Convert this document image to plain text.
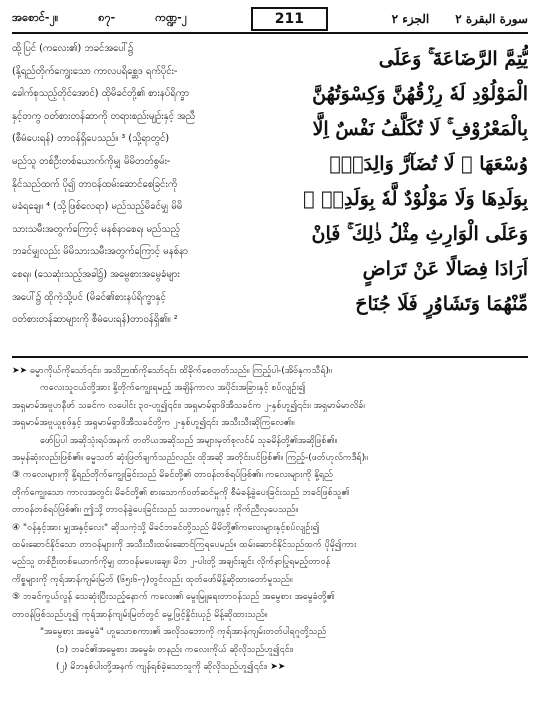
အစောင်-၂။	၈၇-	ကဏ္ဍ-၂	211	سورة البقرة ٢
الجزء ٢
ထို့ပြင် (ကလေး၏) ဘခင်အပေါ်၌
(နို့ရည်တိုက်ကျွေးသော ကာလပရိစ္ဆေဒ ရက်ပိုင်း-
ခေါက်စုသည့်တိုင်အောင်) ထိုမိခင်တို့၏ စားနပ်ရိက္ခာ
နှင့်တကွ ဝတ်စားတန်ဆာကို တရားစည်းမျဉ်းနှင့် အညီ
(စီမံပေးရန်) တာဝန်ရှိပေသည်။ ³ (သို့ရာတွင်)
မည်သူ တစ်ဦးတစ်ယောက်ကိုမျှ မိမိတတ်စွမ်း-
နိုင်သည်ထက် ပို၍ တာဝန်ထမ်းဆောင်စေခြင်းကို
မခံရချေ။ ⁴ (သို့ဖြစ်လေရာ) မည်သည့်မိခင်မျှ မိမိ
သားသမီးအတွက်ကြောင့် မနစ်နာစေရ၊ မည်သည့်
ဘခင်မျှလည်း မိမိသားသမီးအတွက်ကြောင့် မနစ်နာ
စေရ။ (သေဆုံးသည့်အခါ၌) အမွေစားအမွေခံများ
အပေါ်၌ ထိုကဲ့သို့ပင် (မိခင်၏စားနပ်ရိက္ခာနှင့်
ဝတ်စားတန်ဆာများကို စီမံပေးရန်)တာဝန်ရှိ၏။ ²
يُّتِمَّ الرَّضَاعَةَ ۚ وَعَلَى
الْمَوْلُوْدِ لَهٗ رِزْقُهُنَّ وَكِسْوَتُهُنَّ
بِالْمَعْرُوْفِ ۚ لَا تُكَلَّفُ نَفْسٌ اِلَّا
وُسْعَهَا ۚ لَا تُضَآرَّ وَالِدَةٌۢ
بِوَلَدِهَا وَلَا مَوْلُوْدٌ لَّهٗ بِوَلَدِهٖ ۚ
وَعَلَى الْوَارِثِ مِثْلُ ذٰلِكَ ۚ فَاِنْ
اَرَادَا فِصَالًا عَنْ تَرَاضٍ
مِّنْهُمَا وَتَشَاوُرٍ فَلَا جُنَاحَ

➤➤ ဓမ္မာကိုယ်ကိုသော်၎င်း၊ အသိဉာဏ်ကိုသော်၎င်း ထိခိုက်စေတတ်သည်။ ကြည့်ပါ-(အိဗ်နုကသီရ်)။

ကလေးသူငယ်တို့အား နို့တိုက်ကျွေးရမည့် အချိန်ကာလ အပိုင်းအခြားနှင့် စပ်လျဉ်း၍

အရှမာမ်အဗူဟနီဖာ် သခင်က လပေါင်း ၃၀-ဟူ၍၎င်း၊ အရှမာမ်ရှာဖိအီသခင်က ၂-နှစ်ဟူ၍၎င်း၊ အရှမာမ်မာလိခ်၊

အရှမာမ်အဗူယူစုဖ်နှင့် အရှမာမ်ရှာဖိအီသခင်တို့က ၂-နှစ်ဟူ၍၎င်း အသီးသီးဆိုကြလေ၏။

ဖော်ပြပါ အဆိုသုံးရပ်အနက် တတိယအဆိုသည် အများမှတ်စုလင်မ် သုခမိန်တို့၏အဆိုဖြစ်၏။

အမှန်ဆုံးလည်းဖြစ်၏။ ဓမ္မသတ် ဆုံးဖြတ်ချက်သည်လည်း ထိုအဆို အတိုင်းပင်ဖြစ်၏။ ကြည့်-(ဖတ်ဟုလ်ကဒီရ်)။

③ ကလေးများကို နို့ရည်တိုက်ကျွေးခြင်းသည် မိခင်တို့၏ တာဝန်တစ်ရပ်ဖြစ်၏။ ကလေးများကို နို့ရည်

တိုက်ကျွေးသော ကာလအတွင်း မိခင်တို့၏ စားသောက်ဝတ်ဆင်မှုကို စီမံခန့်ခွဲပေးခြင်းသည် ဘခင်ဖြစ်သူ၏

တာဝန်တစ်ရပ်ဖြစ်၏။ ဤသို့ တာဝန်ခွဲပေးခြင်းသည် သဘာဝမကျနှင့် ကိုက်ညီလှပေသည်။

④ "ဝန်နှင့်အား မျှအနှင့်လေး" ဆိုသကဲ့သို့ မိခင်ဘခင်တို့သည် မိမိတို့၏ကလေးများနှင့်စပ်လျဉ်း၍

ထမ်းဆောင်နိုင်သော တာဝန်များကို အသီးသီးထမ်းဆောင်ကြရပေမည်။ ထမ်းဆောင်နိုင်သည်ထက် ပိုမို၍ကား

မည်သူ တစ်ဦးတစ်ယောက်ကိုမျှ တာဝန်မပေးချေ။ မိဘ ၂-ပါးတို့ အချင်းချင်း လိုက်နာပြုရမည့်တာဝန်

ကိစ္စများကို ကုရ်အာန်ကျမ်းမြတ် (၆၅း၆-၇)တွင်လည်း ထုတ်ဖော်မိန့်ဆိုထားတော်မူသည်။

⑤ ဘခင်ကွယ်လွန် သေဆုံးပြီးသည့်နောက် ကလေး၏ မွေးမြူရေးတာဝန်သည် အမွေစား အမွေခံတို့၏

တာဝန်ဖြစ်သည်ဟူ၍ ကုရ်အာန်ကျမ်းမြတ်တွင် မွေ့ဖြင့်နှိုင်းယှဉ် မိန့်ဆိုထားသည်။

"အမွေစား အမွေခံ" ဟူသောစကား၏ အလိုသဘောကို ကုရ်အာန်ကျမ်းတတ်ပါရဂူတို့သည်

(၁) ဘခင်၏အမွေစား အမွေခံ၊ တနည်း ကလေးကိုယ် ဆိုလိုသည်ဟူ၍၎င်း၊

(၂) မိဘနှစ်ပါးတို့အနက် ကျန်ရစ်ခဲ့သောသူကို ဆိုလိုသည်ဟူ၍၎င်း၊ ➤➤
